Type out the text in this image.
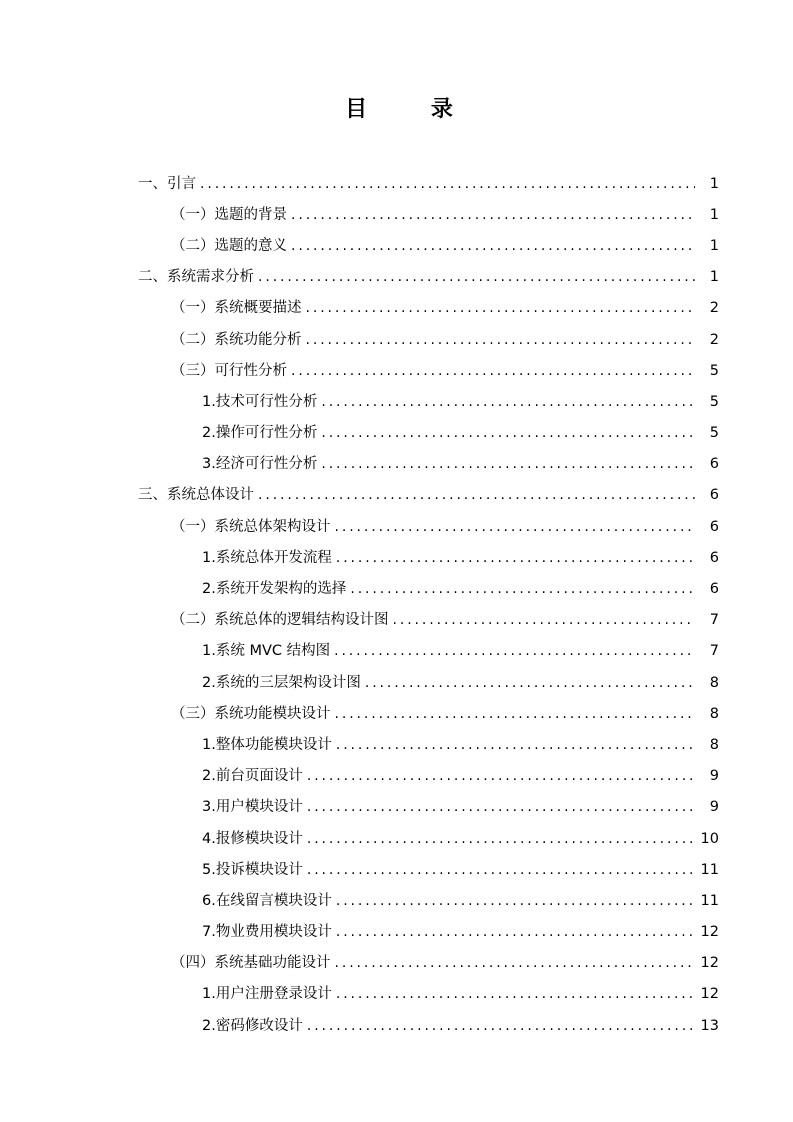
目 录
一、引言 .....	1
（一）选题的背景 .....	1
（二）选题的意义 .....	1
二、系统需求分析 .....	1
（一）系统概要描述 .....	2
（二）系统功能分析 .....	2
（三）可行性分析 .....	5
1.技术可行性分析 .....	5
2.操作可行性分析 .....	5
3.经济可行性分析 .....	6
三、系统总体设计 .....	6
（一）系统总体架构设计 .....	6
1.系统总体开发流程 .....	6
2.系统开发架构的选择 .....	6
（二）系统总体的逻辑结构设计图 .....	7
1.系统 MVC 结构图 .....	7
2.系统的三层架构设计图 .....	8
（三）系统功能模块设计 .....	8
1.整体功能模块设计 .....	8
2.前台页面设计 .....	9
3.用户模块设计 .....	9
4.报修模块设计 .....	10
5.投诉模块设计 .....	11
6.在线留言模块设计 .....	11
7.物业费用模块设计 .....	12
（四）系统基础功能设计 .....	12
1.用户注册登录设计 .....	12
2.密码修改设计 .....	13
